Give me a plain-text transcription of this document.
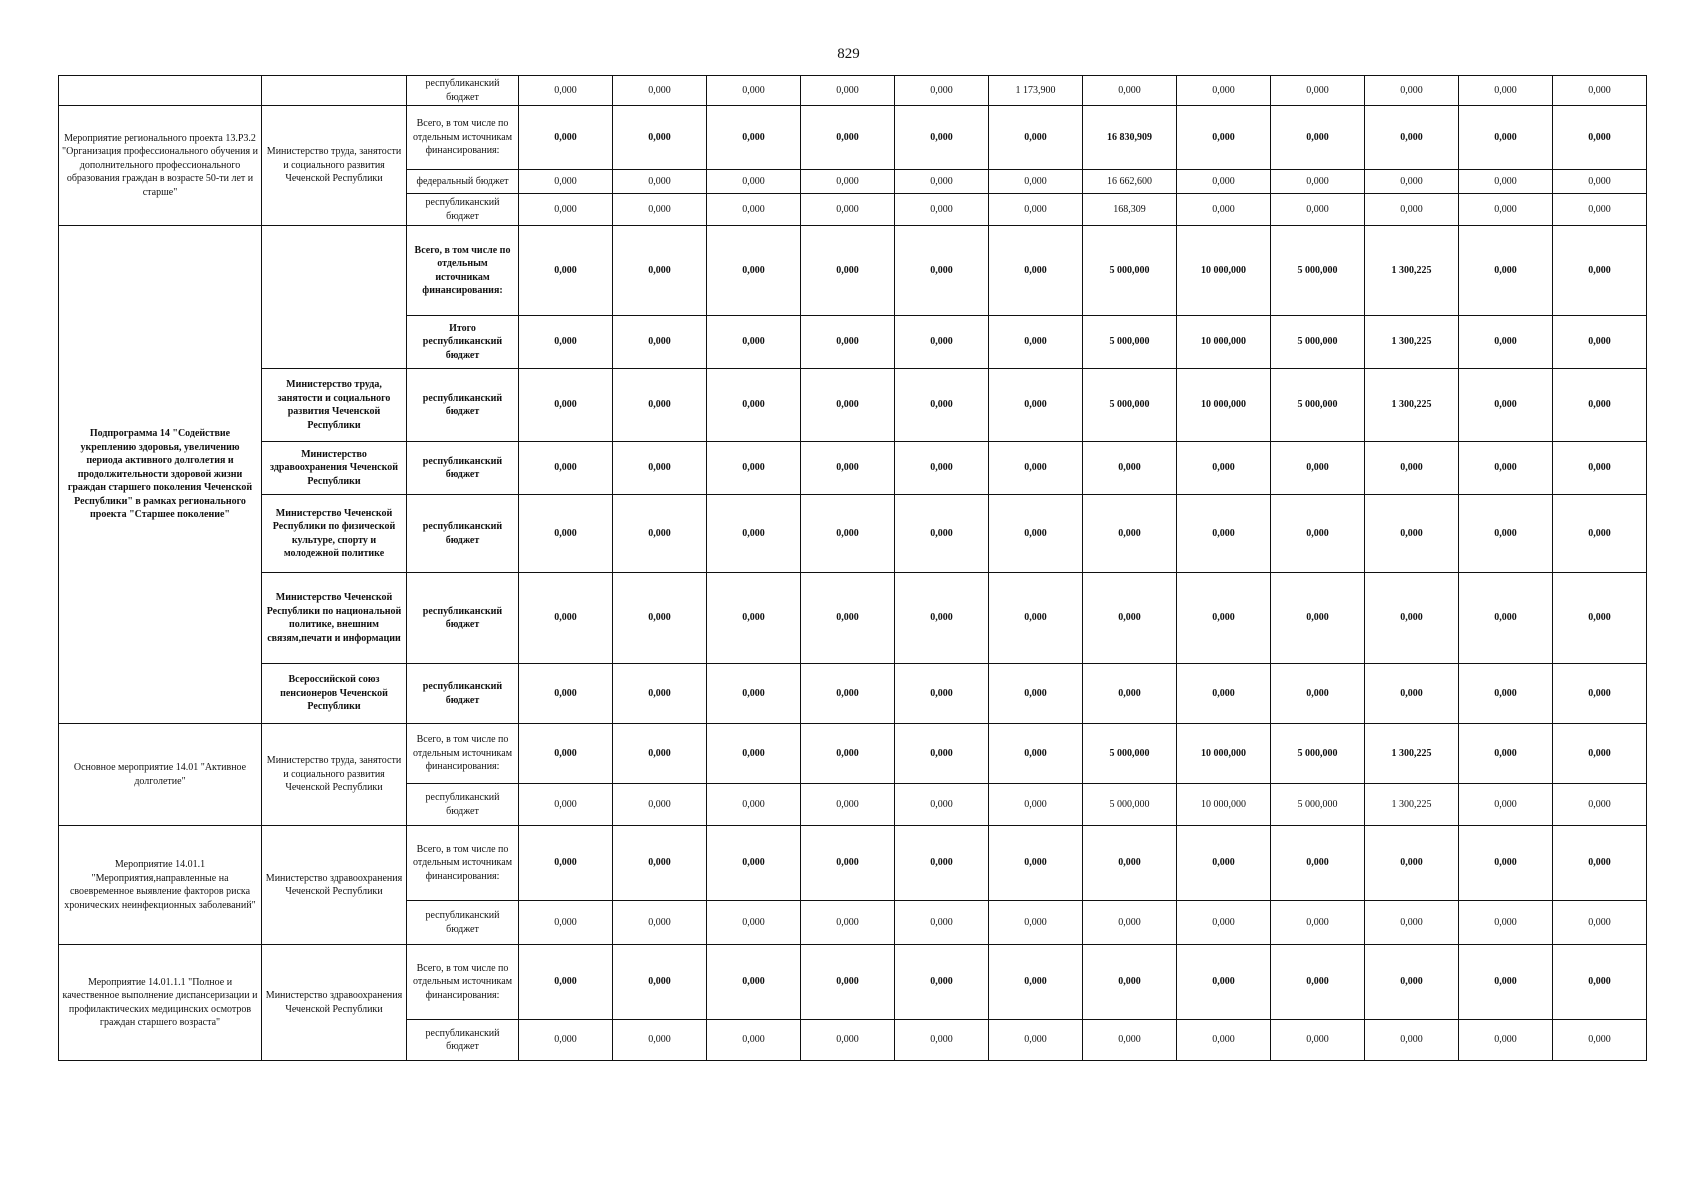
829
		республиканский бюджет	0,000	0,000	0,000	0,000	0,000	1 173,900	0,000	0,000	0,000	0,000	0,000	0,000
Мероприятие регионального проекта 13.P3.2 "Организация профессионального обучения и дополнительного профессионального образования граждан в возрасте 50-ти лет и старше"	Министерство труда, занятости и социального развития Чеченской Республики	Всего, в том числе по отдельным источникам финансирования:	0,000	0,000	0,000	0,000	0,000	0,000	16 830,909	0,000	0,000	0,000	0,000	0,000
		федеральный бюджет	0,000	0,000	0,000	0,000	0,000	0,000	16 662,600	0,000	0,000	0,000	0,000	0,000
		республиканский бюджет	0,000	0,000	0,000	0,000	0,000	0,000	168,309	0,000	0,000	0,000	0,000	0,000
Подпрограмма 14 "Содействие укреплению здоровья, увеличению периода активного долголетия и продолжительности здоровой жизни граждан старшего поколения Чеченской Республики" в рамках регионального проекта "Старшее поколение"		Всего, в том числе по отдельным источникам финансирования:	0,000	0,000	0,000	0,000	0,000	0,000	5 000,000	10 000,000	5 000,000	1 300,225	0,000	0,000
		Итого республиканский бюджет	0,000	0,000	0,000	0,000	0,000	0,000	5 000,000	10 000,000	5 000,000	1 300,225	0,000	0,000
	Министерство труда, занятости и социального развития Чеченской Республики	республиканский бюджет	0,000	0,000	0,000	0,000	0,000	0,000	5 000,000	10 000,000	5 000,000	1 300,225	0,000	0,000
	Министерство здравоохранения Чеченской Республики	республиканский бюджет	0,000	0,000	0,000	0,000	0,000	0,000	0,000	0,000	0,000	0,000	0,000	0,000
	Министерство Чеченской Республики по физической культуре, спорту и молодежной политике	республиканский бюджет	0,000	0,000	0,000	0,000	0,000	0,000	0,000	0,000	0,000	0,000	0,000	0,000
	Министерство Чеченской Республики по национальной политике, внешним связям,печати и информации	республиканский бюджет	0,000	0,000	0,000	0,000	0,000	0,000	0,000	0,000	0,000	0,000	0,000	0,000
	Всероссийской союз пенсионеров Чеченской Республики	республиканский бюджет	0,000	0,000	0,000	0,000	0,000	0,000	0,000	0,000	0,000	0,000	0,000	0,000
Основное мероприятие 14.01 "Активное долголетие"	Министерство труда, занятости и социального развития Чеченской Республики	Всего, в том числе по отдельным источникам финансирования:	0,000	0,000	0,000	0,000	0,000	0,000	5 000,000	10 000,000	5 000,000	1 300,225	0,000	0,000
		республиканский бюджет	0,000	0,000	0,000	0,000	0,000	0,000	5 000,000	10 000,000	5 000,000	1 300,225	0,000	0,000
Мероприятие 14.01.1 "Мероприятия,направленные на своевременное выявление факторов риска хронических неинфекционных заболеваний"	Министерство здравоохранения Чеченской Республики	Всего, в том числе по отдельным источникам финансирования:	0,000	0,000	0,000	0,000	0,000	0,000	0,000	0,000	0,000	0,000	0,000	0,000
		республиканский бюджет	0,000	0,000	0,000	0,000	0,000	0,000	0,000	0,000	0,000	0,000	0,000	0,000
Мероприятие 14.01.1.1 "Полное и качественное выполнение диспансеризации и профилактических медицинских осмотров граждан старшего возраста"	Министерство здравоохранения Чеченской Республики	Всего, в том числе по отдельным источникам финансирования:	0,000	0,000	0,000	0,000	0,000	0,000	0,000	0,000	0,000	0,000	0,000	0,000
		республиканский бюджет	0,000	0,000	0,000	0,000	0,000	0,000	0,000	0,000	0,000	0,000	0,000	0,000
